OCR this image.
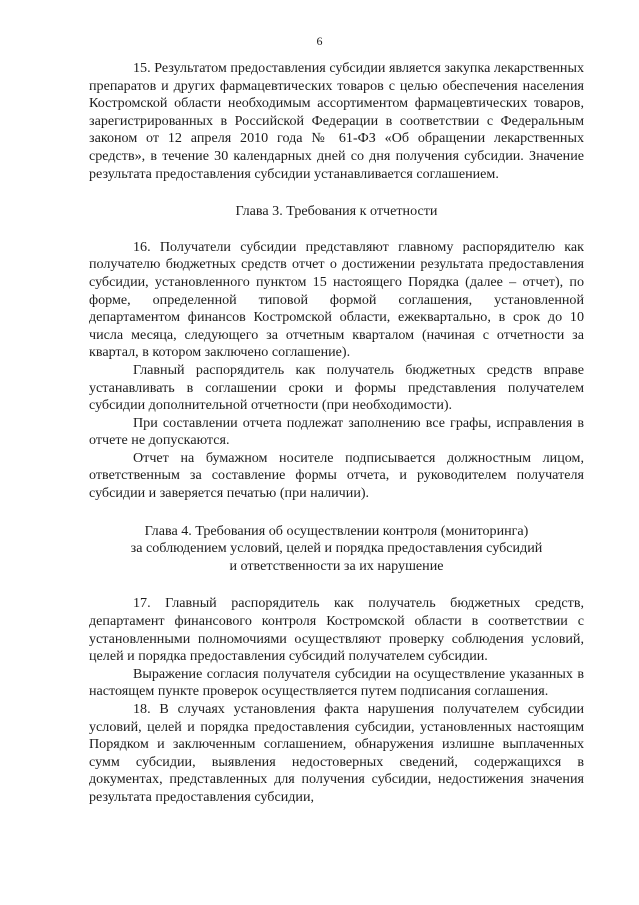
6

15. Результатом предоставления субсидии является закупка лекарственных препаратов и других фармацевтических товаров с целью обеспечения населения Костромской области необходимым ассортиментом фармацевтических товаров, зарегистрированных в Российской Федерации в соответствии с Федеральным законом от 12 апреля 2010 года № 61-ФЗ «Об обращении лекарственных средств», в течение 30 календарных дней со дня получения субсидии. Значение результата предоставления субсидии устанавливается соглашением.

Глава 3. Требования к отчетности

16. Получатели субсидии представляют главному распорядителю как получателю бюджетных средств отчет о достижении результата предоставления субсидии, установленного пунктом 15 настоящего Порядка (далее – отчет), по форме, определенной типовой формой соглашения, установленной департаментом финансов Костромской области, ежеквартально, в срок до 10 числа месяца, следующего за отчетным кварталом (начиная с отчетности за квартал, в котором заключено соглашение).

Главный распорядитель как получатель бюджетных средств вправе устанавливать в соглашении сроки и формы представления получателем субсидии дополнительной отчетности (при необходимости).

При составлении отчета подлежат заполнению все графы, исправления в отчете не допускаются.

Отчет на бумажном носителе подписывается должностным лицом, ответственным за составление формы отчета, и руководителем получателя субсидии и заверяется печатью (при наличии).

Глава 4. Требования об осуществлении контроля (мониторинга)
за соблюдением условий, целей и порядка предоставления субсидий
и ответственности за их нарушение

17. Главный распорядитель как получатель бюджетных средств, департамент финансового контроля Костромской области в соответствии с установленными полномочиями осуществляют проверку соблюдения условий, целей и порядка предоставления субсидий получателем субсидии.

Выражение согласия получателя субсидии на осуществление указанных в настоящем пункте проверок осуществляется путем подписания соглашения.

18. В случаях установления факта нарушения получателем субсидии условий, целей и порядка предоставления субсидии, установленных настоящим Порядком и заключенным соглашением, обнаружения излишне выплаченных сумм субсидии, выявления недостоверных сведений, содержащихся в документах, представленных для получения субсидии, недостижения значения результата предоставления субсидии,
